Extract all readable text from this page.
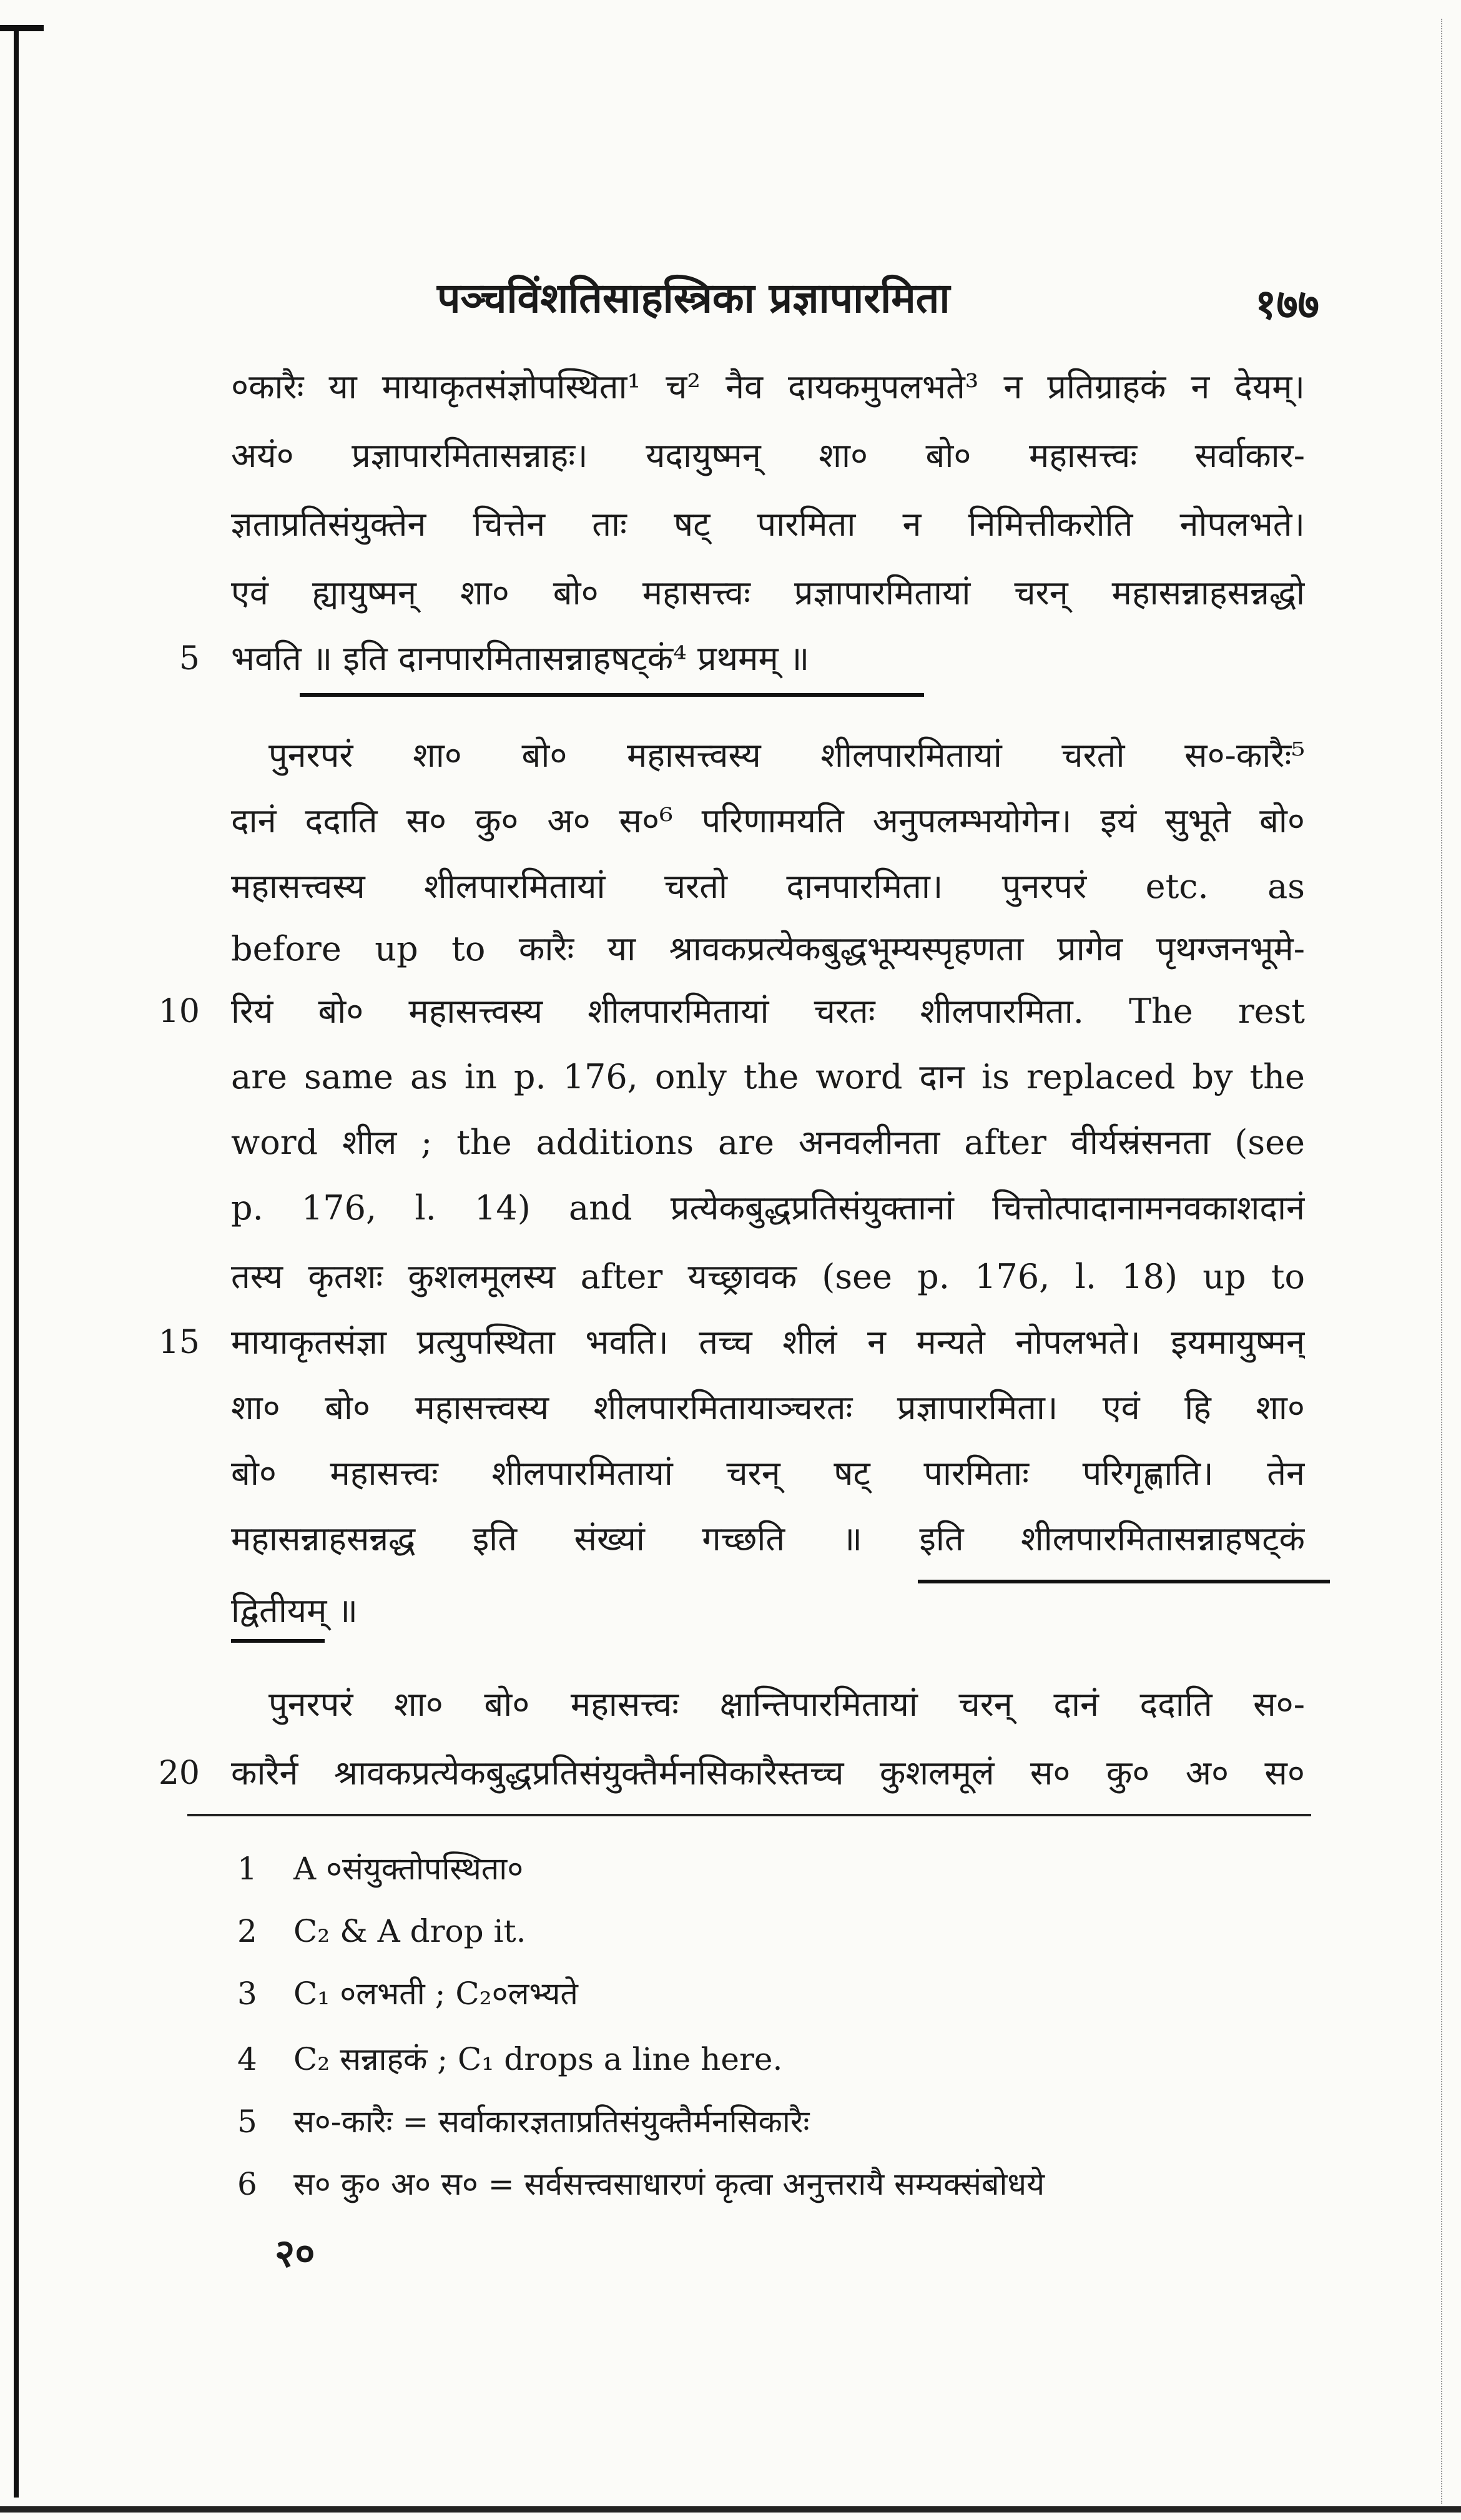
पञ्चविंशतिसाहस्त्रिका प्रज्ञापारमिता	१७७
०कारैः या मायाकृतसंज्ञोपस्थिता¹ च² नैव दायकमुपलभते³ न प्रतिग्राहकं न देयम्।
अयं० प्रज्ञापारमितासन्नाहः। यदायुष्मन् शा० बो० महासत्त्वः सर्वाकार-
ज्ञताप्रतिसंयुक्तेन चित्तेन ताः षट् पारमिता न निमित्तीकरोति नोपलभते।
एवं ह्यायुष्मन् शा० बो० महासत्त्वः प्रज्ञापारमितायां चरन् महासन्नाहसन्नद्धो
भवति ॥ इति दानपारमितासन्नाहषट्कं⁴ प्रथमम् ॥
पुनरपरं शा० बो० महासत्त्वस्य शीलपारमितायां चरतो स०-कारैः⁵
दानं ददाति स० कु० अ० स०⁶ परिणामयति अनुपलम्भयोगेन। इयं सुभूते बो०
महासत्त्वस्य शीलपारमितायां चरतो दानपारमिता। पुनरपरं etc. as
before up to कारैः या श्रावकप्रत्येकबुद्धभूम्यस्पृहणता प्रागेव पृथग्जनभूमे-
रियं बो० महासत्त्वस्य शीलपारमितायां चरतः शीलपारमिता. The rest
are same as in p. 176, only the word दान is replaced by the
word शील ; the additions are अनवलीनता after वीर्यस्रंसनता (see
p. 176, l. 14) and प्रत्येकबुद्धप्रतिसंयुक्तानां चित्तोत्पादानामनवकाशदानं
तस्य कृतशः कुशलमूलस्य after यच्छ्रावक (see p. 176, l. 18) up to
मायाकृतसंज्ञा प्रत्युपस्थिता भवति। तच्च शीलं न मन्यते नोपलभते। इयमायुष्मन्
शा० बो० महासत्त्वस्य शीलपारमितायाञ्चरतः प्रज्ञापारमिता। एवं हि शा०
बो० महासत्त्वः शीलपारमितायां चरन् षट् पारमिताः परिगृह्णाति। तेन
महासन्नाहसन्नद्ध इति संख्यां गच्छति ॥ इति शीलपारमितासन्नाहषट्कं
द्वितीयम् ॥
पुनरपरं शा० बो० महासत्त्वः क्षान्तिपारमितायां चरन् दानं ददाति स०-
कारैर्न श्रावकप्रत्येकबुद्धप्रतिसंयुक्तैर्मनसिकारैस्तच्च कुशलमूलं स० कु० अ० स०
5
10
15
20
1	A ०संयुक्तोपस्थिता०
2	C₂ & A drop it.
3	C₁ ०लभती ; C₂०लभ्यते
4	C₂ सन्नाहकं ; C₁ drops a line here.
5	स०-कारैः = सर्वाकारज्ञताप्रतिसंयुक्तैर्मनसिकारैः
6	स० कु० अ० स० = सर्वसत्त्वसाधारणं कृत्वा अनुत्तरायै सम्यक्संबोधये
२०
